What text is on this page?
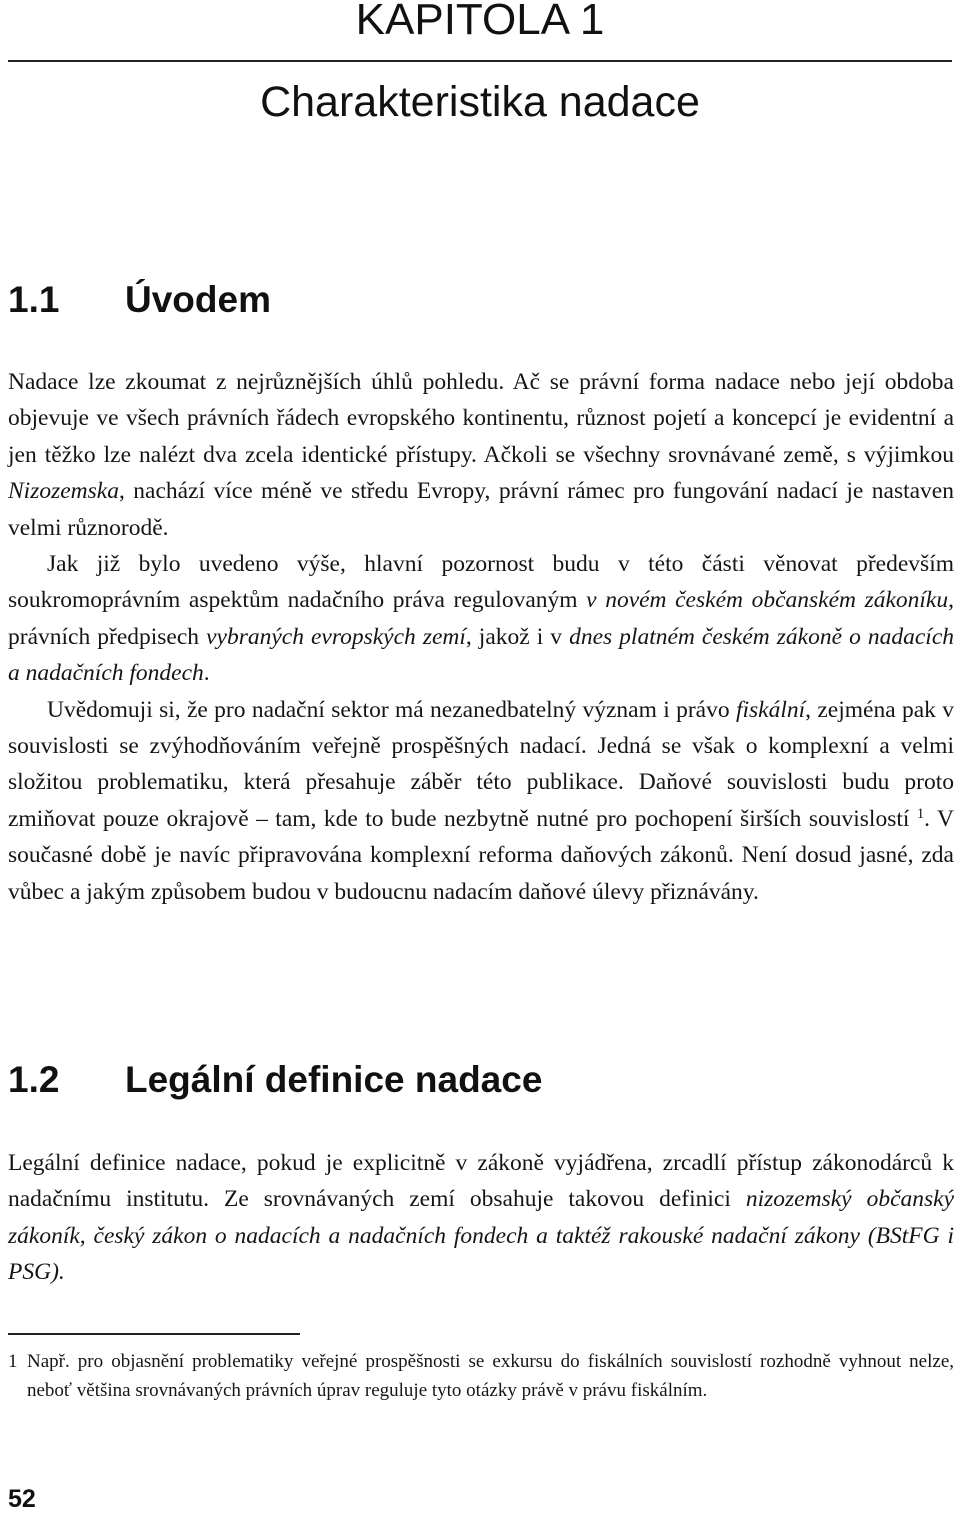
KAPITOLA 1
Charakteristika nadace
1.1 Úvodem

Nadace lze zkoumat z nejrůznějších úhlů pohledu. Ač se právní forma nadace nebo její obdoba objevuje ve všech právních řádech evropského kontinentu, různost pojetí a koncepcí je evidentní a jen těžko lze nalézt dva zcela identické přístupy. Ačkoli se všechny srovnávané země, s výjimkou Nizozemska, nachází více méně ve středu Evropy, právní rámec pro fungování nadací je nastaven velmi různorodě.

Jak již bylo uvedeno výše, hlavní pozornost budu v této části věnovat především soukromoprávním aspektům nadačního práva regulovaným v novém českém občanském zákoníku, právních předpisech vybraných evropských zemí, jakož i v dnes platném českém zákoně o nadacích a nadačních fondech.

Uvědomuji si, že pro nadační sektor má nezanedbatelný význam i právo fiskální, zejména pak v souvislosti se zvýhodňováním veřejně prospěšných nadací. Jedná se však o komplexní a velmi složitou problematiku, která přesahuje záběr této publikace. Daňové souvislosti budu proto zmiňovat pouze okrajově – tam, kde to bude nezbytně nutné pro pochopení širších souvislostí $^1$. V současné době je navíc připravována komplexní reforma daňových zákonů. Není dosud jasné, zda vůbec a jakým způsobem budou v budoucnu nadacím daňové úlevy přiznávány.

1.2 Legální definice nadace

Legální definice nadace, pokud je explicitně v zákoně vyjádřena, zrcadlí přístup zákonodárců k nadačnímu institutu. Ze srovnávaných zemí obsahuje takovou definici nizozemský občanský zákoník, český zákon o nadacích a nadačních fondech a taktéž rakouské nadační zákony (BStFG i PSG).

1 Např. pro objasnění problematiky veřejné prospěšnosti se exkursu do fiskálních souvislostí rozhodně vyhnout nelze, neboť většina srovnávaných právních úprav reguluje tyto otázky právě v právu fiskálním.
52
